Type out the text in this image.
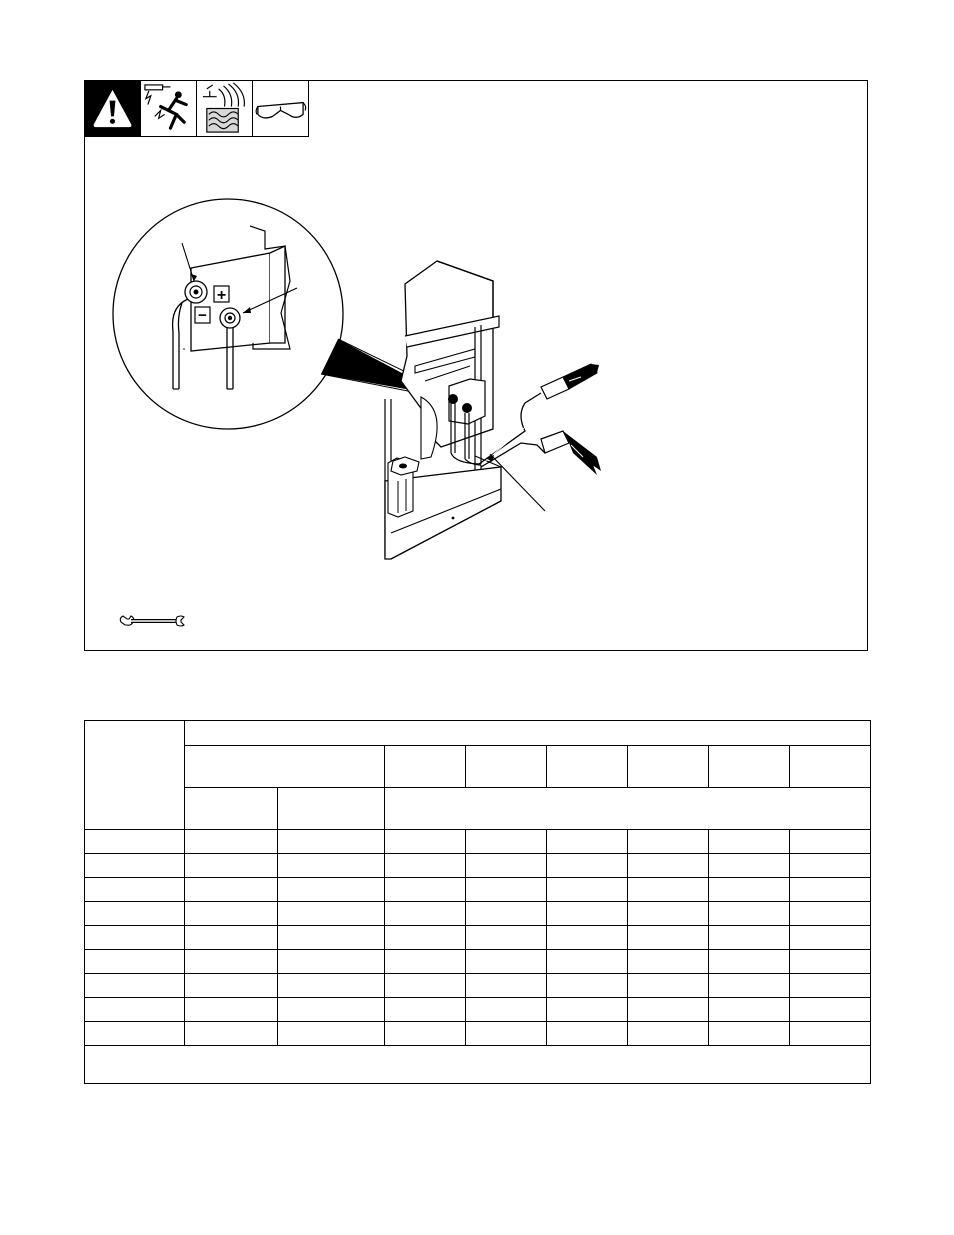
+
−
